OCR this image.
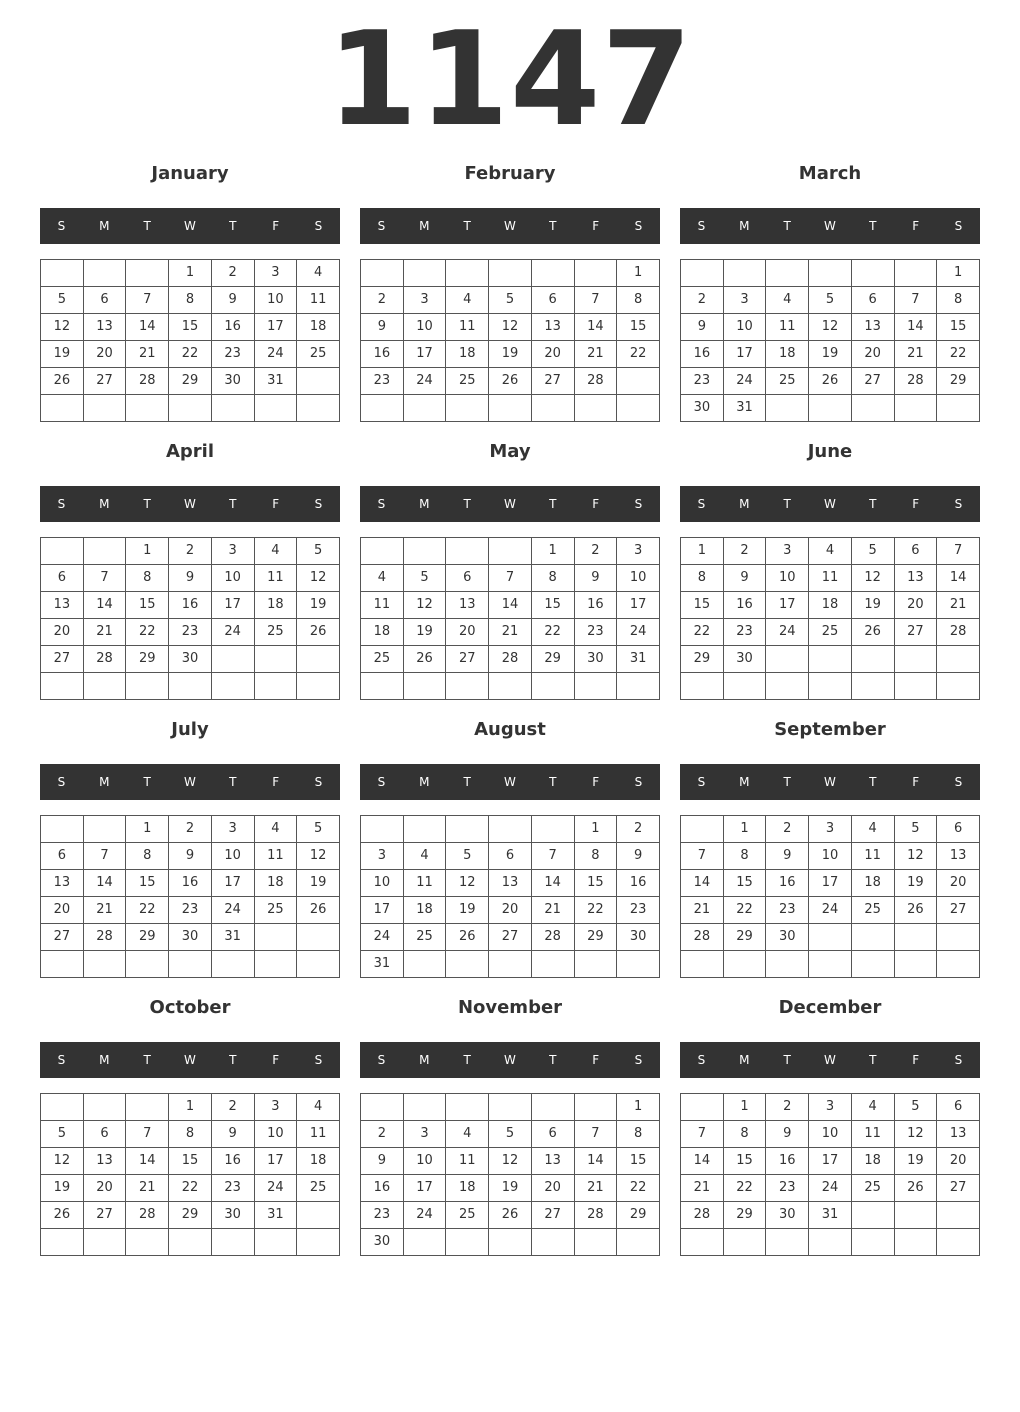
1147
January
S	M	T	W	T	F	S
			1	2	3	4
5	6	7	8	9	10	11
12	13	14	15	16	17	18
19	20	21	22	23	24	25
26	27	28	29	30	31	

February
S	M	T	W	T	F	S
						1
2	3	4	5	6	7	8
9	10	11	12	13	14	15
16	17	18	19	20	21	22
23	24	25	26	27	28	

March
S	M	T	W	T	F	S
						1
2	3	4	5	6	7	8
9	10	11	12	13	14	15
16	17	18	19	20	21	22
23	24	25	26	27	28	29
30	31					
April
S	M	T	W	T	F	S
		1	2	3	4	5
6	7	8	9	10	11	12
13	14	15	16	17	18	19
20	21	22	23	24	25	26
27	28	29	30			

May
S	M	T	W	T	F	S
				1	2	3
4	5	6	7	8	9	10
11	12	13	14	15	16	17
18	19	20	21	22	23	24
25	26	27	28	29	30	31

June
S	M	T	W	T	F	S
1	2	3	4	5	6	7
8	9	10	11	12	13	14
15	16	17	18	19	20	21
22	23	24	25	26	27	28
29	30					

July
S	M	T	W	T	F	S
		1	2	3	4	5
6	7	8	9	10	11	12
13	14	15	16	17	18	19
20	21	22	23	24	25	26
27	28	29	30	31		

August
S	M	T	W	T	F	S
					1	2
3	4	5	6	7	8	9
10	11	12	13	14	15	16
17	18	19	20	21	22	23
24	25	26	27	28	29	30
31						
September
S	M	T	W	T	F	S
	1	2	3	4	5	6
7	8	9	10	11	12	13
14	15	16	17	18	19	20
21	22	23	24	25	26	27
28	29	30				

October
S	M	T	W	T	F	S
			1	2	3	4
5	6	7	8	9	10	11
12	13	14	15	16	17	18
19	20	21	22	23	24	25
26	27	28	29	30	31	

November
S	M	T	W	T	F	S
						1
2	3	4	5	6	7	8
9	10	11	12	13	14	15
16	17	18	19	20	21	22
23	24	25	26	27	28	29
30						
December
S	M	T	W	T	F	S
	1	2	3	4	5	6
7	8	9	10	11	12	13
14	15	16	17	18	19	20
21	22	23	24	25	26	27
28	29	30	31			
